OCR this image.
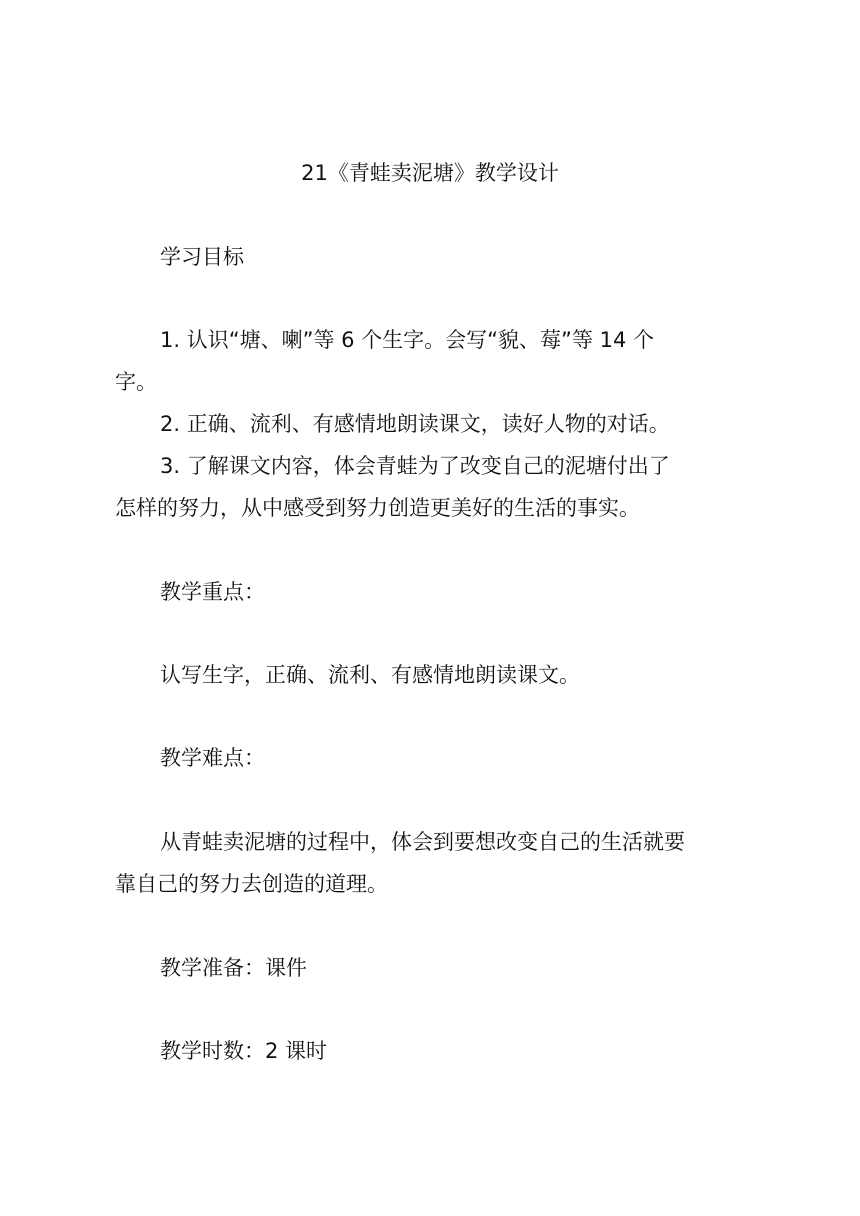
21《青蛙卖泥塘》教学设计
学习目标
1. 认识“塘、喇”等 6 个生字。会写“貌、莓”等 14 个
字。
2. 正确、流利、有感情地朗读课文，读好人物的对话。
3. 了解课文内容，体会青蛙为了改变自己的泥塘付出了
怎样的努力，从中感受到努力创造更美好的生活的事实。
教学重点：
认写生字，正确、流利、有感情地朗读课文。
教学难点：
从青蛙卖泥塘的过程中，体会到要想改变自己的生活就要
靠自己的努力去创造的道理。
教学准备：课件
教学时数：2 课时
